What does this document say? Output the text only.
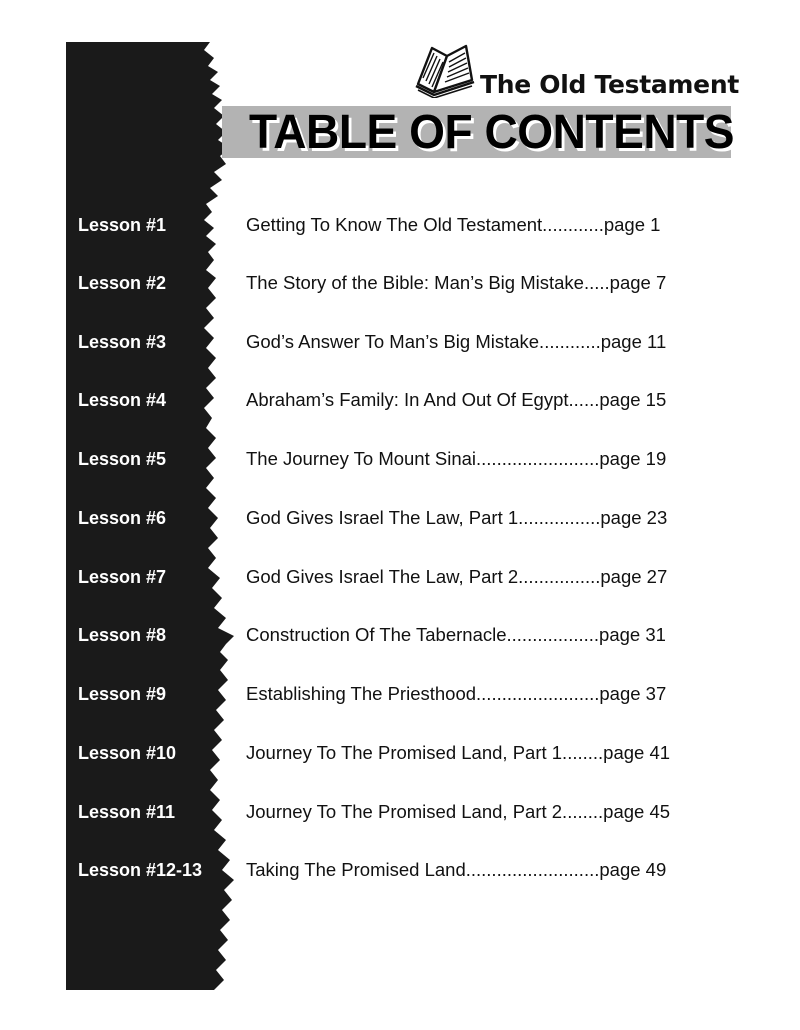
The Old Testament
TABLE OF CONTENTS
Lesson #1	Getting To Know The Old Testament............page 1
Lesson #2	The Story of the Bible: Man’s Big Mistake.....page 7
Lesson #3	God’s Answer To Man’s Big Mistake............page 11
Lesson #4	Abraham’s Family: In And Out Of Egypt......page 15
Lesson #5	The Journey To Mount Sinai........................page 19
Lesson #6	God Gives Israel The Law, Part 1................page 23
Lesson #7	God Gives Israel The Law, Part 2................page 27
Lesson #8	Construction Of The Tabernacle..................page 31
Lesson #9	Establishing The Priesthood........................page 37
Lesson #10	Journey To The Promised Land, Part 1........page 41
Lesson #11	Journey To The Promised Land, Part 2........page 45
Lesson #12-13 Taking The Promised Land..........................page 49
